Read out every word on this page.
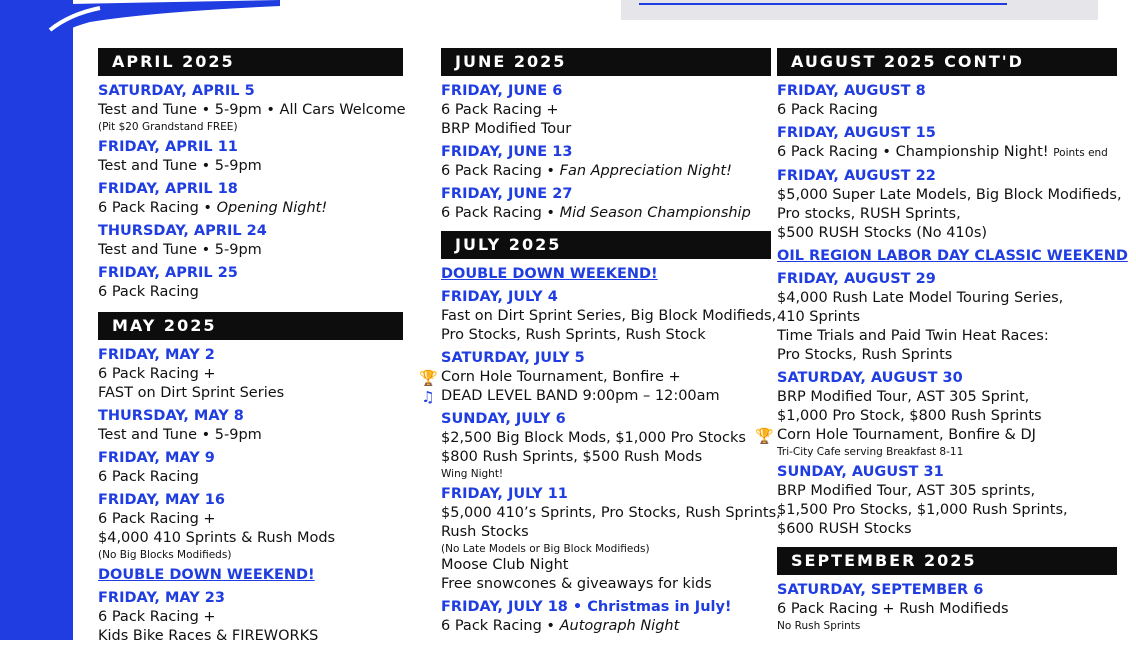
APRIL 2025
SATURDAY, APRIL 5
Test and Tune • 5-9pm • All Cars Welcome
(Pit $20 Grandstand FREE)
FRIDAY, APRIL 11
Test and Tune • 5-9pm
FRIDAY, APRIL 18
6 Pack Racing • Opening Night!
THURSDAY, APRIL 24
Test and Tune • 5-9pm
FRIDAY, APRIL 25
6 Pack Racing
MAY 2025
FRIDAY, MAY 2
6 Pack Racing +
FAST on Dirt Sprint Series
THURSDAY, MAY 8
Test and Tune • 5-9pm
FRIDAY, MAY 9
6 Pack Racing
FRIDAY, MAY 16
6 Pack Racing +
$4,000 410 Sprints & Rush Mods
(No Big Blocks Modifieds)
DOUBLE DOWN WEEKEND!
FRIDAY, MAY 23
6 Pack Racing +
Kids Bike Races & FIREWORKS
JUNE 2025
FRIDAY, JUNE 6
6 Pack Racing +
BRP Modified Tour
FRIDAY, JUNE 13
6 Pack Racing • Fan Appreciation Night!
FRIDAY, JUNE 27
6 Pack Racing • Mid Season Championship
JULY 2025
DOUBLE DOWN WEEKEND!
FRIDAY, JULY 4
Fast on Dirt Sprint Series, Big Block Modifieds,
Pro Stocks, Rush Sprints, Rush Stock
SATURDAY, JULY 5
🏆 Corn Hole Tournament, Bonfire +
♫ DEAD LEVEL BAND 9:00pm – 12:00am
SUNDAY, JULY 6
$2,500 Big Block Mods, $1,000 Pro Stocks
$800 Rush Sprints, $500 Rush Mods
Wing Night!
FRIDAY, JULY 11
$5,000 410’s Sprints, Pro Stocks, Rush Sprints,
Rush Stocks
(No Late Models or Big Block Modifieds)
Moose Club Night
Free snowcones & giveaways for kids
FRIDAY, JULY 18 • Christmas in July!
6 Pack Racing • Autograph Night
AUGUST 2025 CONT'D
FRIDAY, AUGUST 8
6 Pack Racing
FRIDAY, AUGUST 15
6 Pack Racing • Championship Night! Points end
FRIDAY, AUGUST 22
$5,000 Super Late Models, Big Block Modifieds,
Pro stocks, RUSH Sprints,
$500 RUSH Stocks (No 410s)
OIL REGION LABOR DAY CLASSIC WEEKEND
FRIDAY, AUGUST 29
$4,000 Rush Late Model Touring Series,
410 Sprints
Time Trials and Paid Twin Heat Races:
Pro Stocks, Rush Sprints
SATURDAY, AUGUST 30
BRP Modified Tour, AST 305 Sprint,
$1,000 Pro Stock, $800 Rush Sprints
🏆 Corn Hole Tournament, Bonfire & DJ
Tri-City Cafe serving Breakfast 8-11
SUNDAY, AUGUST 31
BRP Modified Tour, AST 305 sprints,
$1,500 Pro Stocks, $1,000 Rush Sprints,
$600 RUSH Stocks
SEPTEMBER 2025
SATURDAY, SEPTEMBER 6
6 Pack Racing + Rush Modifieds
No Rush Sprints
